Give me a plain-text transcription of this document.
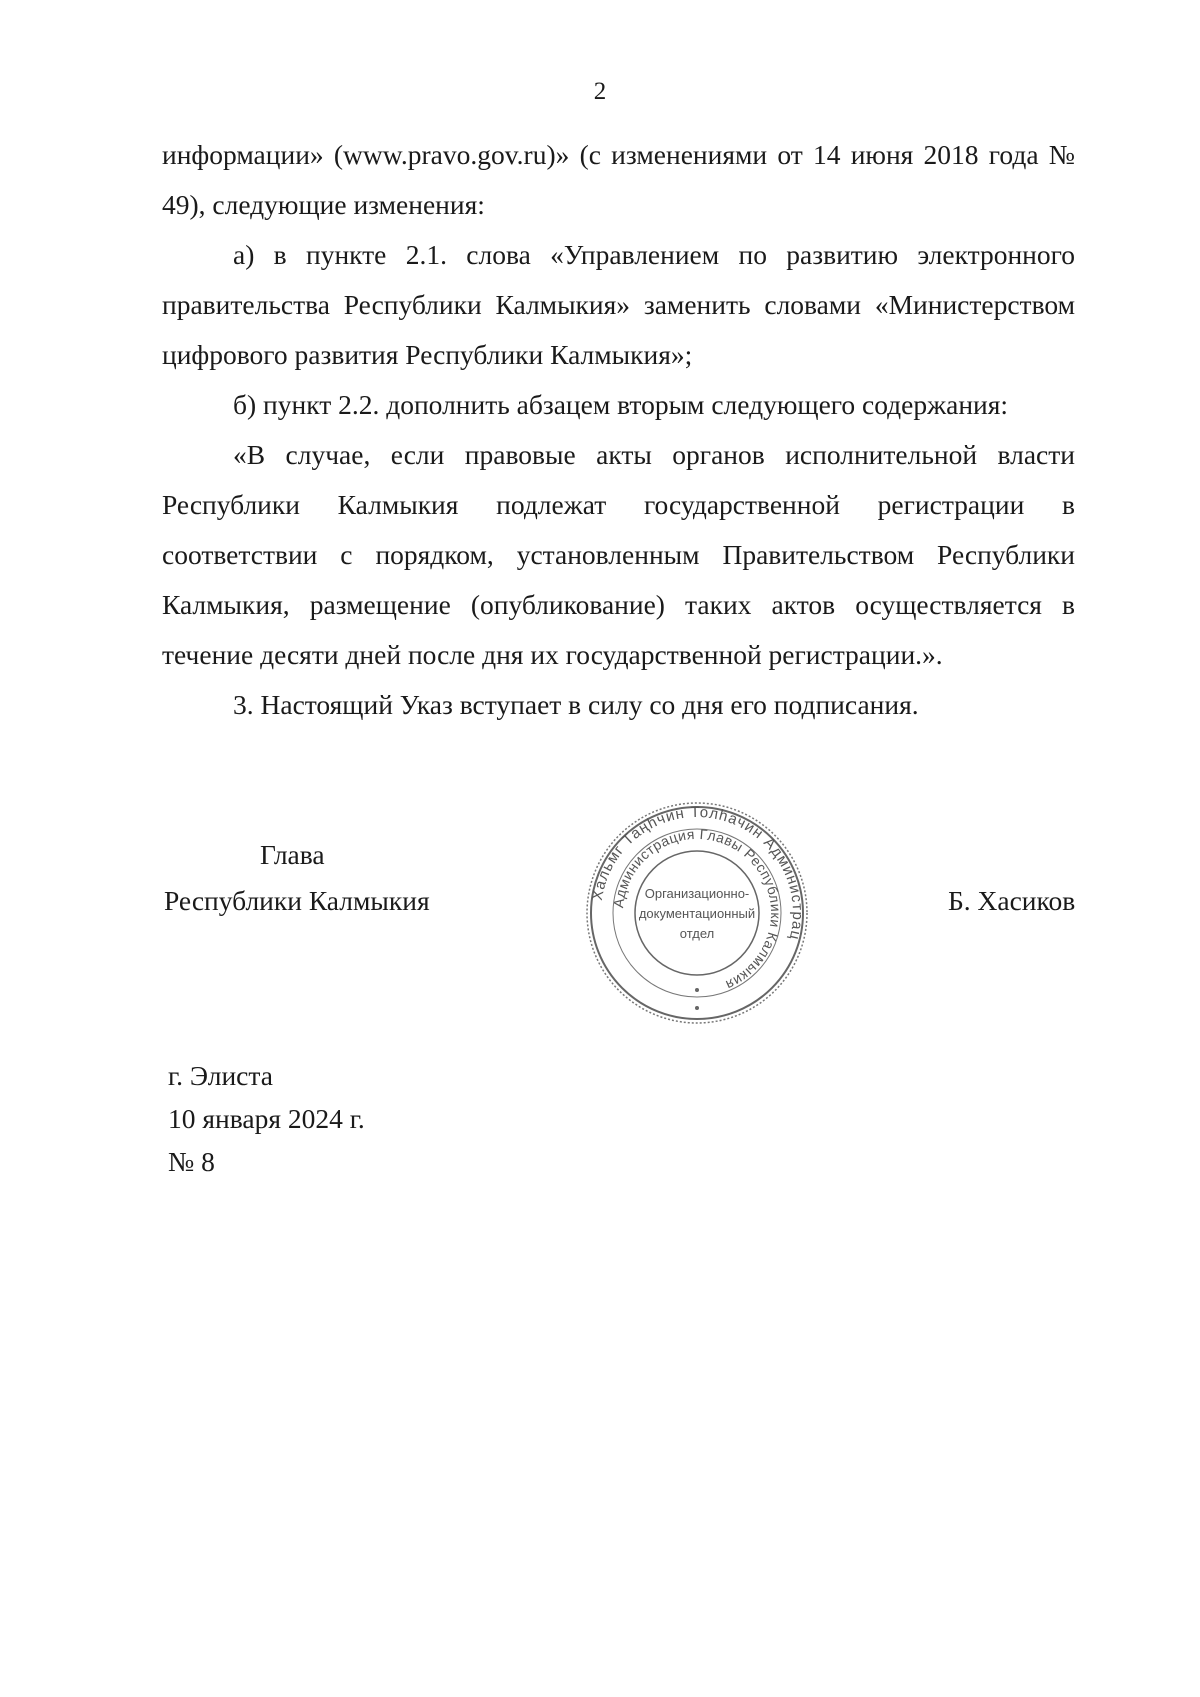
2

информации» (www.pravo.gov.ru)» (с изменениями от 14 июня 2018 года № 49), следующие изменения:

а) в пункте 2.1. слова «Управлением по развитию электронного правительства Республики Калмыкия» заменить словами «Министерством цифрового развития Республики Калмыкия»;

б) пункт 2.2. дополнить абзацем вторым следующего содержания:

«В случае, если правовые акты органов исполнительной власти Республики Калмыкия подлежат государственной регистрации в соответствии с порядком, установленным Правительством Республики Калмыкия, размещение (опубликование) таких актов осуществляется в течение десяти дней после дня их государственной регистрации.».

3. Настоящий Указ вступает в силу со дня его подписания.

Глава
Республики Калмыкия	Хальмг Таңһчин Толһачин Администрац
Администрация Главы Республики Калмыкия
Организационно-
документационный
отдел
Б. Хасиков
г. Элиста
10 января 2024 г.
№ 8
